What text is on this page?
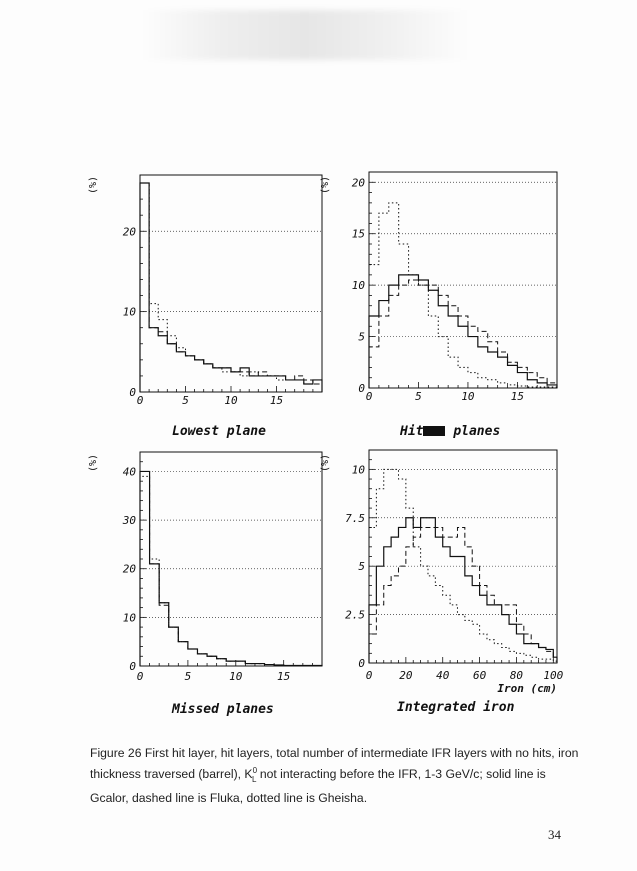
0
10
20
0	5	10	15
(%)
0
5
10
15
20
0	5	10	15
(%)
0
10
20
30
40
0	5	10	15
(%)
0
2.5
5
7.5
10
0 20 40 60 80 100
(%)
Iron (cm)
Lowest plane	Hit planes
Missed planes	Integrated iron
Figure 26 First hit layer, hit layers, total number of intermediate IFR layers with no hits, iron thickness traversed (barrel), $K^0_L$ not interacting before the IFR, 1-3 GeV/c; solid line is Gcalor, dashed line is Fluka, dotted line is Gheisha.
34
